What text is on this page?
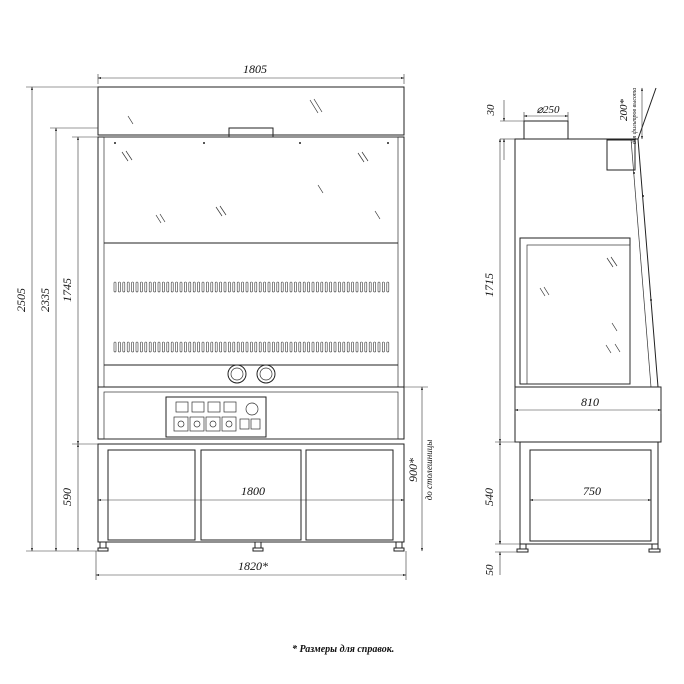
1805
2505 2335 1745
590	1800
1820*
900* до столешницы
30	⌀250	200* для фильтров высота
1715
810
540	750
50
* Размеры для справок.
